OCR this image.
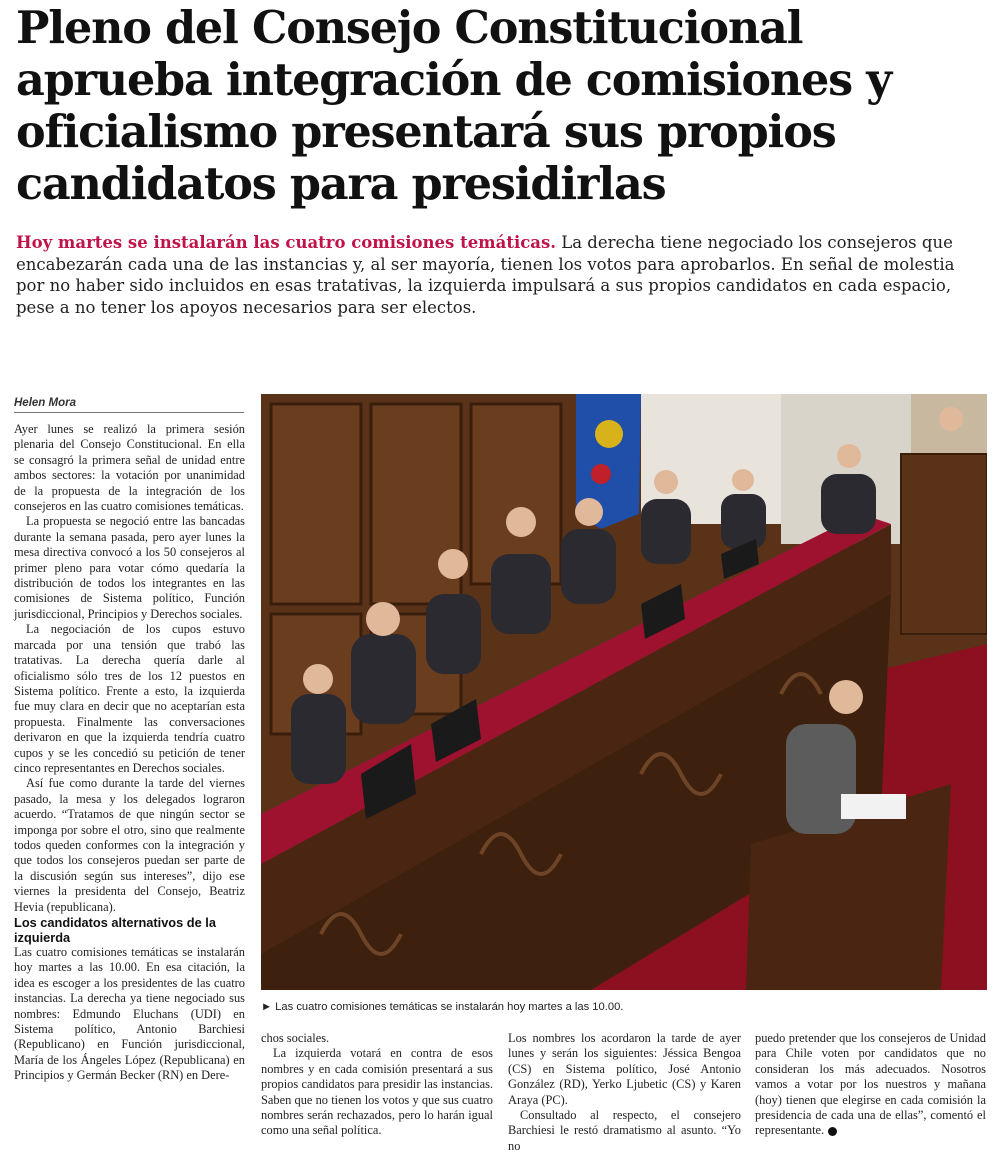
Pleno del Consejo Constitucional aprueba integración de comisiones y oficialismo presentará sus propios candidatos para presidirlas

Hoy martes se instalarán las cuatro comisiones temáticas. La derecha tiene negociado los consejeros que encabezarán cada una de las instancias y, al ser mayoría, tienen los votos para aprobarlos. En señal de molestia por no haber sido incluidos en esas tratativas, la izquierda impulsará a sus propios candidatos en cada espacio, pese a no tener los apoyos necesarios para ser electos.

Helen Mora

Ayer lunes se realizó la primera sesión plenaria del Consejo Constitucional. En ella se consagró la primera señal de unidad entre ambos sectores: la votación por unanimidad de la propuesta de la integración de los consejeros en las cuatro comisiones temáticas.

La propuesta se negoció entre las bancadas durante la semana pasada, pero ayer lunes la mesa directiva convocó a los 50 consejeros al primer pleno para votar cómo quedaría la distribución de todos los integrantes en las comisiones de Sistema político, Función jurisdiccional, Principios y Derechos sociales.

La negociación de los cupos estuvo marcada por una tensión que trabó las tratativas. La derecha quería darle al oficialismo sólo tres de los 12 puestos en Sistema político. Frente a esto, la izquierda fue muy clara en decir que no aceptarían esta propuesta. Finalmente las conversaciones derivaron en que la izquierda tendría cuatro cupos y se les concedió su petición de tener cinco representantes en Derechos sociales.

Así fue como durante la tarde del viernes pasado, la mesa y los delegados lograron acuerdo. “Tratamos de que ningún sector se imponga por sobre el otro, sino que realmente todos queden conformes con la integración y que todos los consejeros puedan ser parte de la discusión según sus intereses”, dijo ese viernes la presidenta del Consejo, Beatriz Hevia (republicana).

Los candidatos alternativos de la izquierda

Las cuatro comisiones temáticas se instalarán hoy martes a las 10.00. En esa citación, la idea es escoger a los presidentes de las cuatro instancias. La derecha ya tiene negociado sus nombres: Edmundo Eluchans (UDI) en Sistema político, Antonio Barchiesi (Republicano) en Función jurisdiccional, María de los Ángeles López (Republicana) en Principios y Germán Becker (RN) en Dere-

► Las cuatro comisiones temáticas se instalarán hoy martes a las 10.00.

chos sociales.

La izquierda votará en contra de esos nombres y en cada comisión presentará a sus propios candidatos para presidir las instancias. Saben que no tienen los votos y que sus cuatro nombres serán rechazados, pero lo harán igual como una señal política.

Los nombres los acordaron la tarde de ayer lunes y serán los siguientes: Jéssica Bengoa (CS) en Sistema político, José Antonio González (RD), Yerko Ljubetic (CS) y Karen Araya (PC).

Consultado al respecto, el consejero Barchiesi le restó dramatismo al asunto. “Yo no

puedo pretender que los consejeros de Unidad para Chile voten por candidatos que no consideran los más adecuados. Nosotros vamos a votar por los nuestros y mañana (hoy) tienen que elegirse en cada comisión la presidencia de cada una de ellas”, comentó el representante.
